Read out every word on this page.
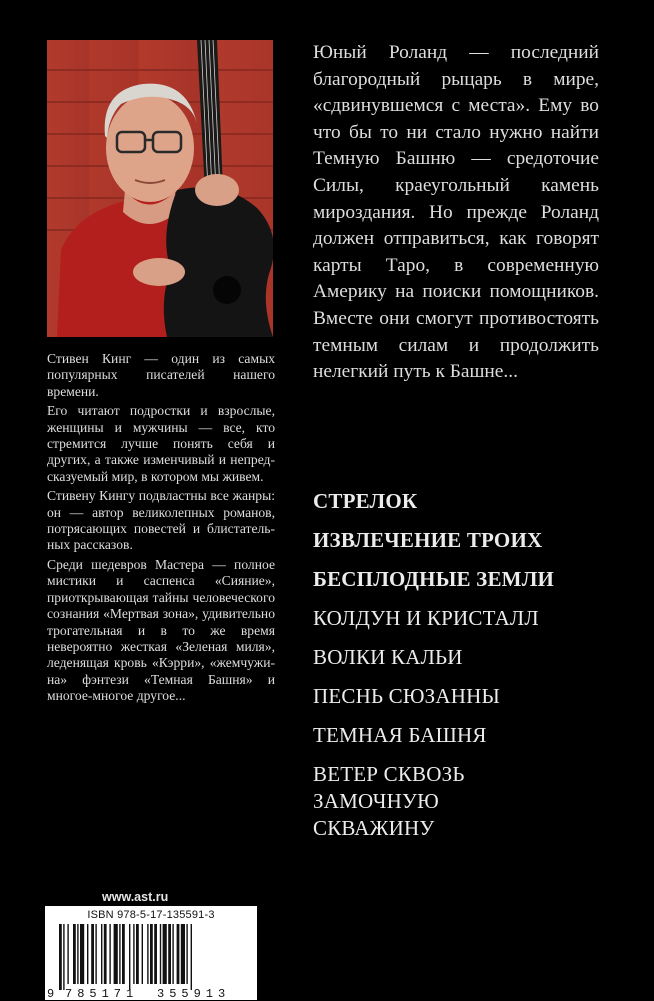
Стивен Кинг — один из самых популярных писателей нашего времени.

Его читают подростки и взрослые, женщины и мужчины — все, кто стремится лучше понять себя и других, а также изменчивый и непредсказуемый мир, в котором мы живем.

Стивену Кингу подвластны все жанры: он — автор великолепных романов, потрясающих повестей и блистательных рассказов.

Среди шедевров Мастера — полное мистики и саспенса «Сияние», приоткрывающая тайны человеческого сознания «Мертвая зона», удивительно трогательная и в то же время невероятно жесткая «Зеленая миля», леденящая кровь «Кэрри», «жемчужина» фэнтези «Темная Башня» и многое-многое другое...

Юный Роланд — последний благородный рыцарь в мире, «сдвинувшемся с места». Ему во что бы то ни стало нужно найти Темную Башню — средоточие Силы, краеугольный камень мироздания. Но прежде Роланд должен отправиться, как говорят карты Таро, в современную Америку на поиски помощников. Вместе они смогут противостоять темным силам и продолжить нелегкий путь к Башне...

СТРЕЛОК
ИЗВЛЕЧЕНИЕ ТРОИХ
БЕСПЛОДНЫЕ ЗЕМЛИ
КОЛДУН И КРИСТАЛЛ
ВОЛКИ КАЛЬИ
ПЕСНЬ СЮЗАННЫ
ТЕМНАЯ БАШНЯ
ВЕТЕР СКВОЗЬ
ЗАМОЧНУЮ
СКВАЖИНУ
www.ast.ru
ISBN 978-5-17-135591-3
9 785171 355913
